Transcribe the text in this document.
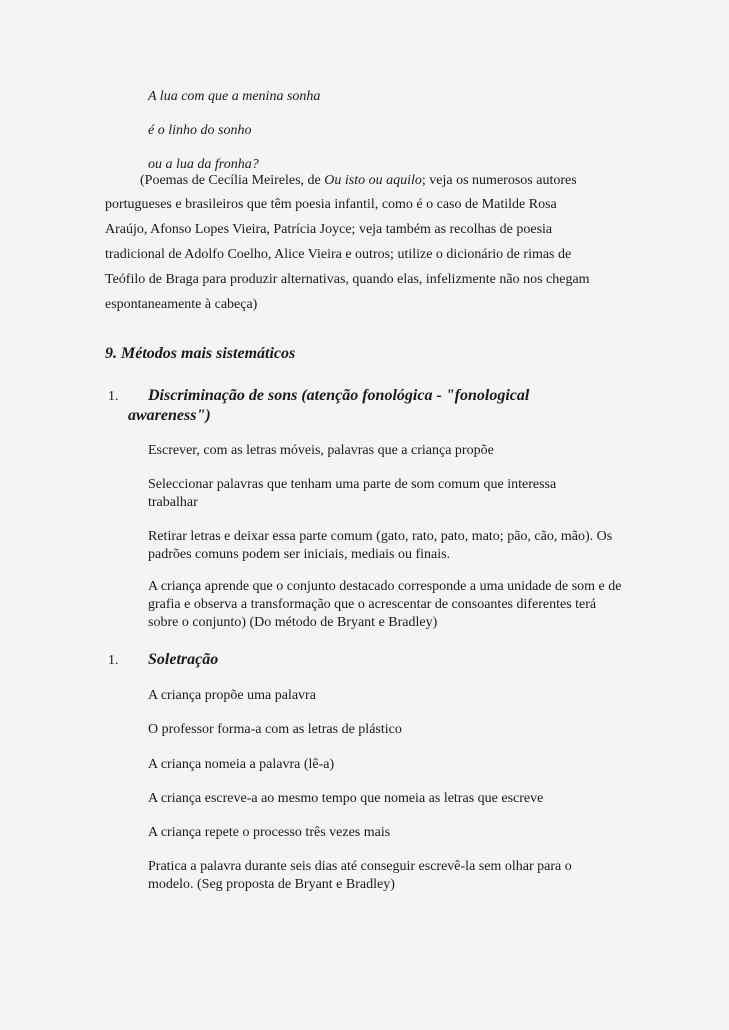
A lua com que a menina sonha
é o linho do sonho
ou a lua da fronha?
(Poemas de Cecília Meireles, de Ou isto ou aquilo; veja os numerosos autores
portugueses e brasileiros que têm poesia infantil, como é o caso de Matilde Rosa
Araújo, Afonso Lopes Vieira, Patrícia Joyce; veja também as recolhas de poesia
tradicional de Adolfo Coelho, Alice Vieira e outros; utilize o dicionário de rimas de
Teófilo de Braga para produzir alternativas, quando elas, infelizmente não nos chegam
espontaneamente à cabeça)
9. Métodos mais sistemáticos
1. Discriminação de sons (atenção fonológica - "fonological
awareness")
Escrever, com as letras móveis, palavras que a criança propõe
Seleccionar palavras que tenham uma parte de som comum que interessa trabalhar
Retirar letras e deixar essa parte comum (gato, rato, pato, mato; pão, cão, mão). Os padrões comuns podem ser iniciais, mediais ou finais.
A criança aprende que o conjunto destacado corresponde a uma unidade de som e de grafia e observa a transformação que o acrescentar de consoantes diferentes terá sobre o conjunto) (Do método de Bryant e Bradley)
1. Soletração
A criança propõe uma palavra
O professor forma-a com as letras de plástico
A criança nomeia a palavra (lê-a)
A criança escreve-a ao mesmo tempo que nomeia as letras que escreve
A criança repete o processo três vezes mais
Pratica a palavra durante seis dias até conseguir escrevê-la sem olhar para o modelo. (Seg proposta de Bryant e Bradley)
